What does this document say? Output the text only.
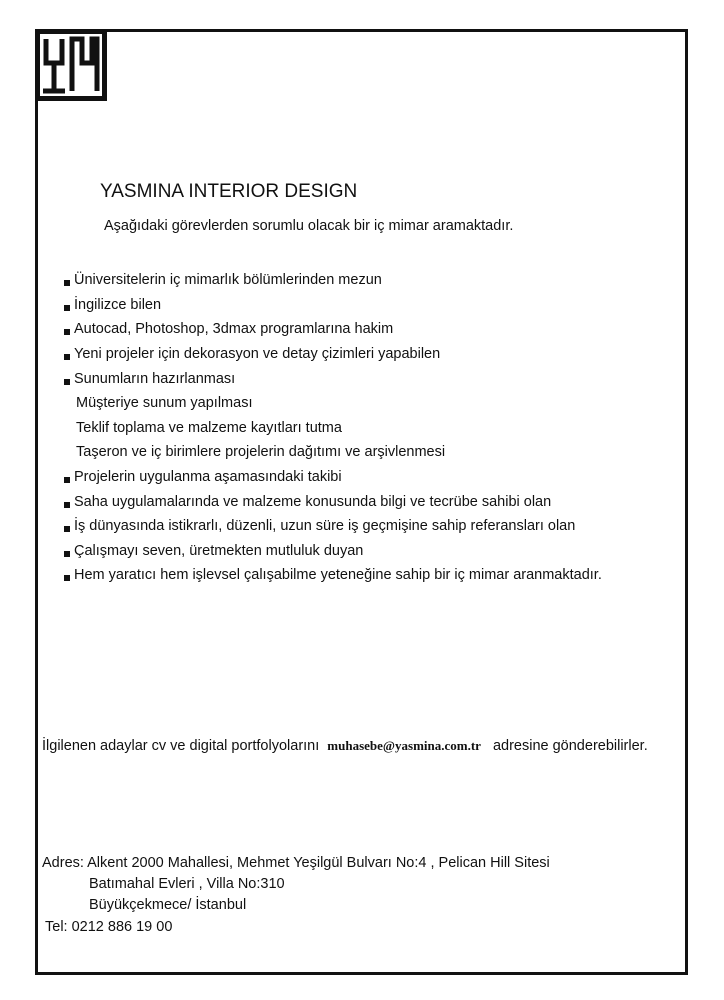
YASMINA INTERIOR DESIGN
Aşağıdaki görevlerden sorumlu olacak bir iç mimar aramaktadır.
Üniversitelerin iç mimarlık bölümlerinden mezun
İngilizce bilen
Autocad, Photoshop, 3dmax programlarına hakim
Yeni projeler için dekorasyon ve detay çizimleri yapabilen
Sunumların hazırlanması
Müşteriye sunum yapılması
Teklif toplama ve malzeme kayıtları tutma
Taşeron ve iç birimlere projelerin dağıtımı ve arşivlenmesi
Projelerin uygulanma aşamasındaki takibi
Saha uygulamalarında ve malzeme konusunda bilgi ve tecrübe sahibi olan
İş dünyasında istikrarlı, düzenli, uzun süre iş geçmişine sahip referansları olan
Çalışmayı seven, üretmekten mutluluk duyan
Hem yaratıcı hem işlevsel çalışabilme yeteneğine sahip bir iç mimar aranmaktadır.
İlgilenen adaylar cv ve digital portfolyolarını muhasebe@yasmina.com.tr adresine gönderebilirler.
Adres: Alkent 2000 Mahallesi, Mehmet Yeşilgül Bulvarı No:4 , Pelican Hill Sitesi
Batımahal Evleri , Villa No:310
Büyükçekmece/ İstanbul
Tel: 0212 886 19 00
